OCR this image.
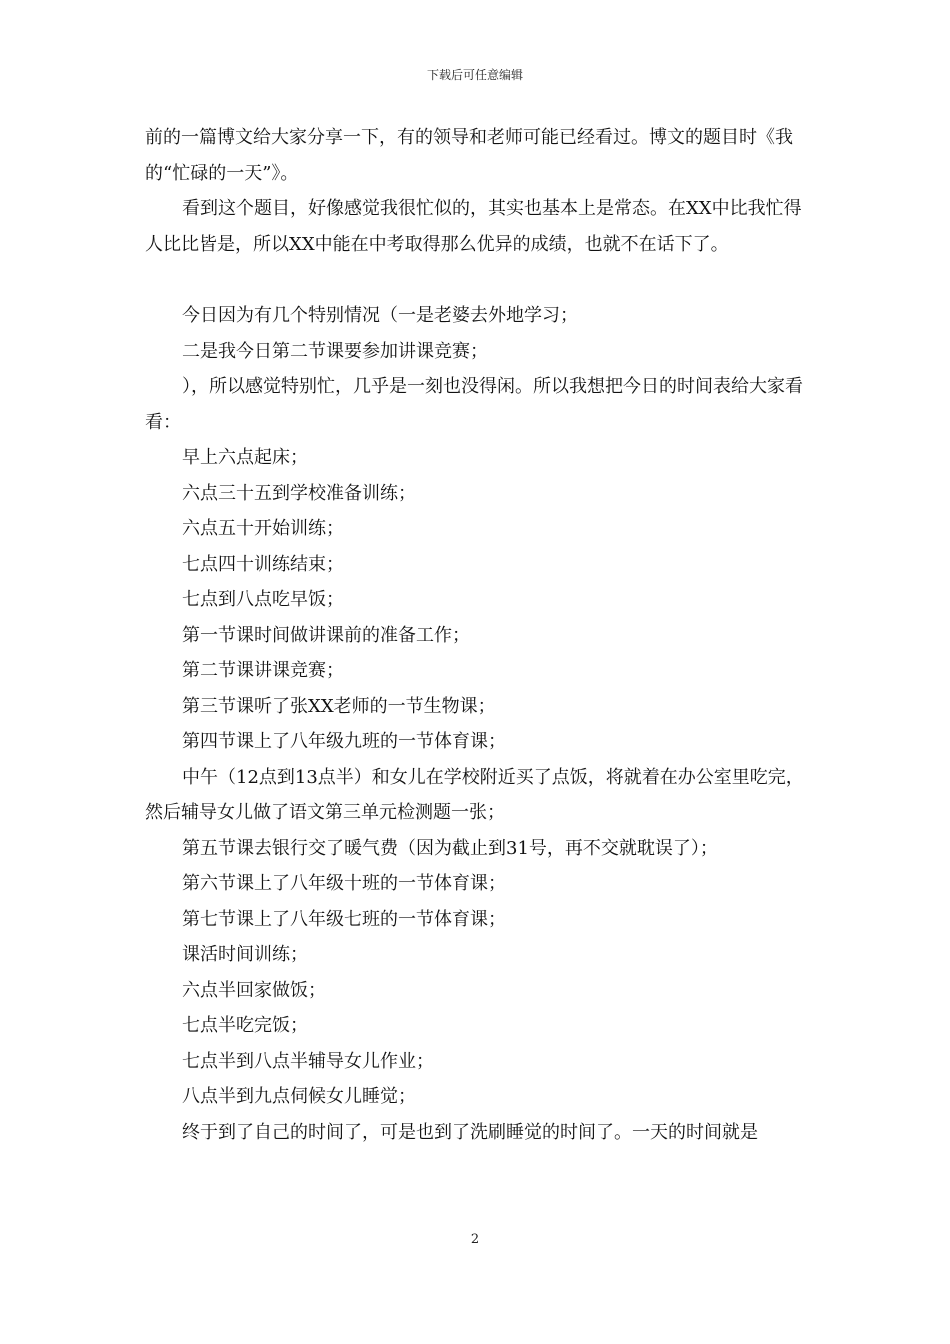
下载后可任意编辑

前的一篇博文给大家分享一下，有的领导和老师可能已经看过。博文的题目时《我的“忙碌的一天”》。

看到这个题目，好像感觉我很忙似的，其实也基本上是常态。在XX中比我忙得人比比皆是，所以XX中能在中考取得那么优异的成绩，也就不在话下了。

今日因为有几个特别情况（一是老婆去外地学习；

二是我今日第二节课要参加讲课竞赛；

），所以感觉特别忙，几乎是一刻也没得闲。所以我想把今日的时间表给大家看看：

早上六点起床；

六点三十五到学校准备训练；

六点五十开始训练；

七点四十训练结束；

七点到八点吃早饭；

第一节课时间做讲课前的准备工作；

第二节课讲课竞赛；

第三节课听了张XX老师的一节生物课；

第四节课上了八年级九班的一节体育课；

中午（12点到13点半）和女儿在学校附近买了点饭，将就着在办公室里吃完，然后辅导女儿做了语文第三单元检测题一张；

第五节课去银行交了暖气费（因为截止到31号，再不交就耽误了）；

第六节课上了八年级十班的一节体育课；

第七节课上了八年级七班的一节体育课；

课活时间训练；

六点半回家做饭；

七点半吃完饭；

七点半到八点半辅导女儿作业；

八点半到九点伺候女儿睡觉；

终于到了自己的时间了，可是也到了洗刷睡觉的时间了。一天的时间就是

2
